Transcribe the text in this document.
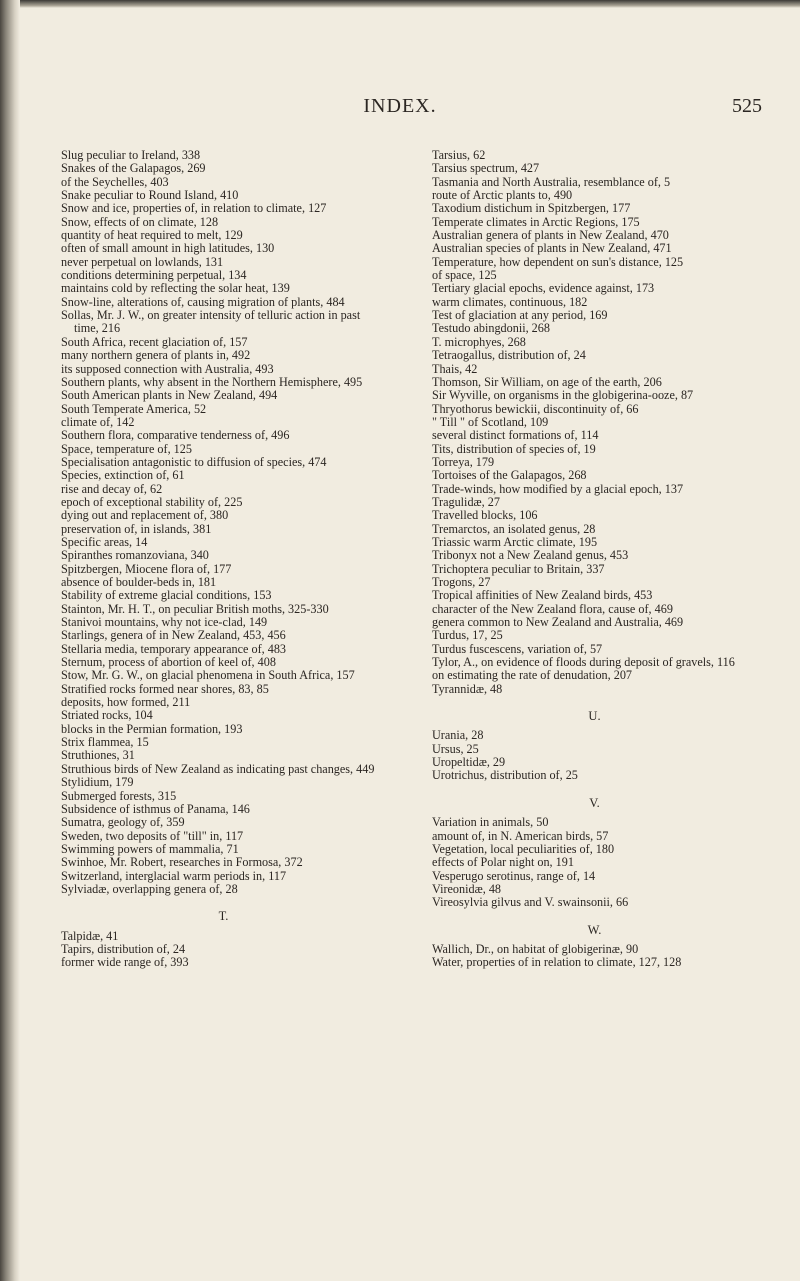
INDEX.	525
Slug peculiar to Ireland, 338
Snakes of the Galapagos, 269
of the Seychelles, 403
Snake peculiar to Round Island, 410
Snow and ice, properties of, in relation to climate, 127
Snow, effects of on climate, 128
quantity of heat required to melt, 129
often of small amount in high latitudes, 130
never perpetual on lowlands, 131
conditions determining perpetual, 134
maintains cold by reflecting the solar heat, 139
Snow-line, alterations of, causing migration of plants, 484
Sollas, Mr. J. W., on greater intensity of telluric action in past time, 216
South Africa, recent glaciation of, 157
many northern genera of plants in, 492
its supposed connection with Australia, 493
Southern plants, why absent in the Northern Hemisphere, 495
South American plants in New Zealand, 494
South Temperate America, 52
climate of, 142
Southern flora, comparative tenderness of, 496
Space, temperature of, 125
Specialisation antagonistic to diffusion of species, 474
Species, extinction of, 61
rise and decay of, 62
epoch of exceptional stability of, 225
dying out and replacement of, 380
preservation of, in islands, 381
Specific areas, 14
Spiranthes romanzoviana, 340
Spitzbergen, Miocene flora of, 177
absence of boulder-beds in, 181
Stability of extreme glacial conditions, 153
Stainton, Mr. H. T., on peculiar British moths, 325-330
Stanivoi mountains, why not ice-clad, 149
Starlings, genera of in New Zealand, 453, 456
Stellaria media, temporary appearance of, 483
Sternum, process of abortion of keel of, 408
Stow, Mr. G. W., on glacial phenomena in South Africa, 157
Stratified rocks formed near shores, 83, 85
deposits, how formed, 211
Striated rocks, 104
blocks in the Permian formation, 193
Strix flammea, 15
Struthiones, 31
Struthious birds of New Zealand as indicating past changes, 449
Stylidium, 179
Submerged forests, 315
Subsidence of isthmus of Panama, 146
Sumatra, geology of, 359
Sweden, two deposits of "till" in, 117
Swimming powers of mammalia, 71
Swinhoe, Mr. Robert, researches in Formosa, 372
Switzerland, interglacial warm periods in, 117
Sylviadæ, overlapping genera of, 28
T.
Talpidæ, 41
Tapirs, distribution of, 24
former wide range of, 393
Tarsius, 62
Tarsius spectrum, 427
Tasmania and North Australia, resemblance of, 5
route of Arctic plants to, 490
Taxodium distichum in Spitzbergen, 177
Temperate climates in Arctic Regions, 175
Australian genera of plants in New Zealand, 470
Australian species of plants in New Zealand, 471
Temperature, how dependent on sun's distance, 125
of space, 125
Tertiary glacial epochs, evidence against, 173
warm climates, continuous, 182
Test of glaciation at any period, 169
Testudo abingdonii, 268
T. microphyes, 268
Tetraogallus, distribution of, 24
Thais, 42
Thomson, Sir William, on age of the earth, 206
Sir Wyville, on organisms in the globigerina-ooze, 87
Thryothorus bewickii, discontinuity of, 66
" Till " of Scotland, 109
several distinct formations of, 114
Tits, distribution of species of, 19
Torreya, 179
Tortoises of the Galapagos, 268
Trade-winds, how modified by a glacial epoch, 137
Tragulidæ, 27
Travelled blocks, 106
Tremarctos, an isolated genus, 28
Triassic warm Arctic climate, 195
Tribonyx not a New Zealand genus, 453
Trichoptera peculiar to Britain, 337
Trogons, 27
Tropical affinities of New Zealand birds, 453
character of the New Zealand flora, cause of, 469
genera common to New Zealand and Australia, 469
Turdus, 17, 25
Turdus fuscescens, variation of, 57
Tylor, A., on evidence of floods during deposit of gravels, 116
on estimating the rate of denudation, 207
Tyrannidæ, 48
U.
Urania, 28
Ursus, 25
Uropeltidæ, 29
Urotrichus, distribution of, 25
V.
Variation in animals, 50
amount of, in N. American birds, 57
Vegetation, local peculiarities of, 180
effects of Polar night on, 191
Vesperugo serotinus, range of, 14
Vireonidæ, 48
Vireosylvia gilvus and V. swainsonii, 66
W.
Wallich, Dr., on habitat of globigerinæ, 90
Water, properties of in relation to climate, 127, 128
